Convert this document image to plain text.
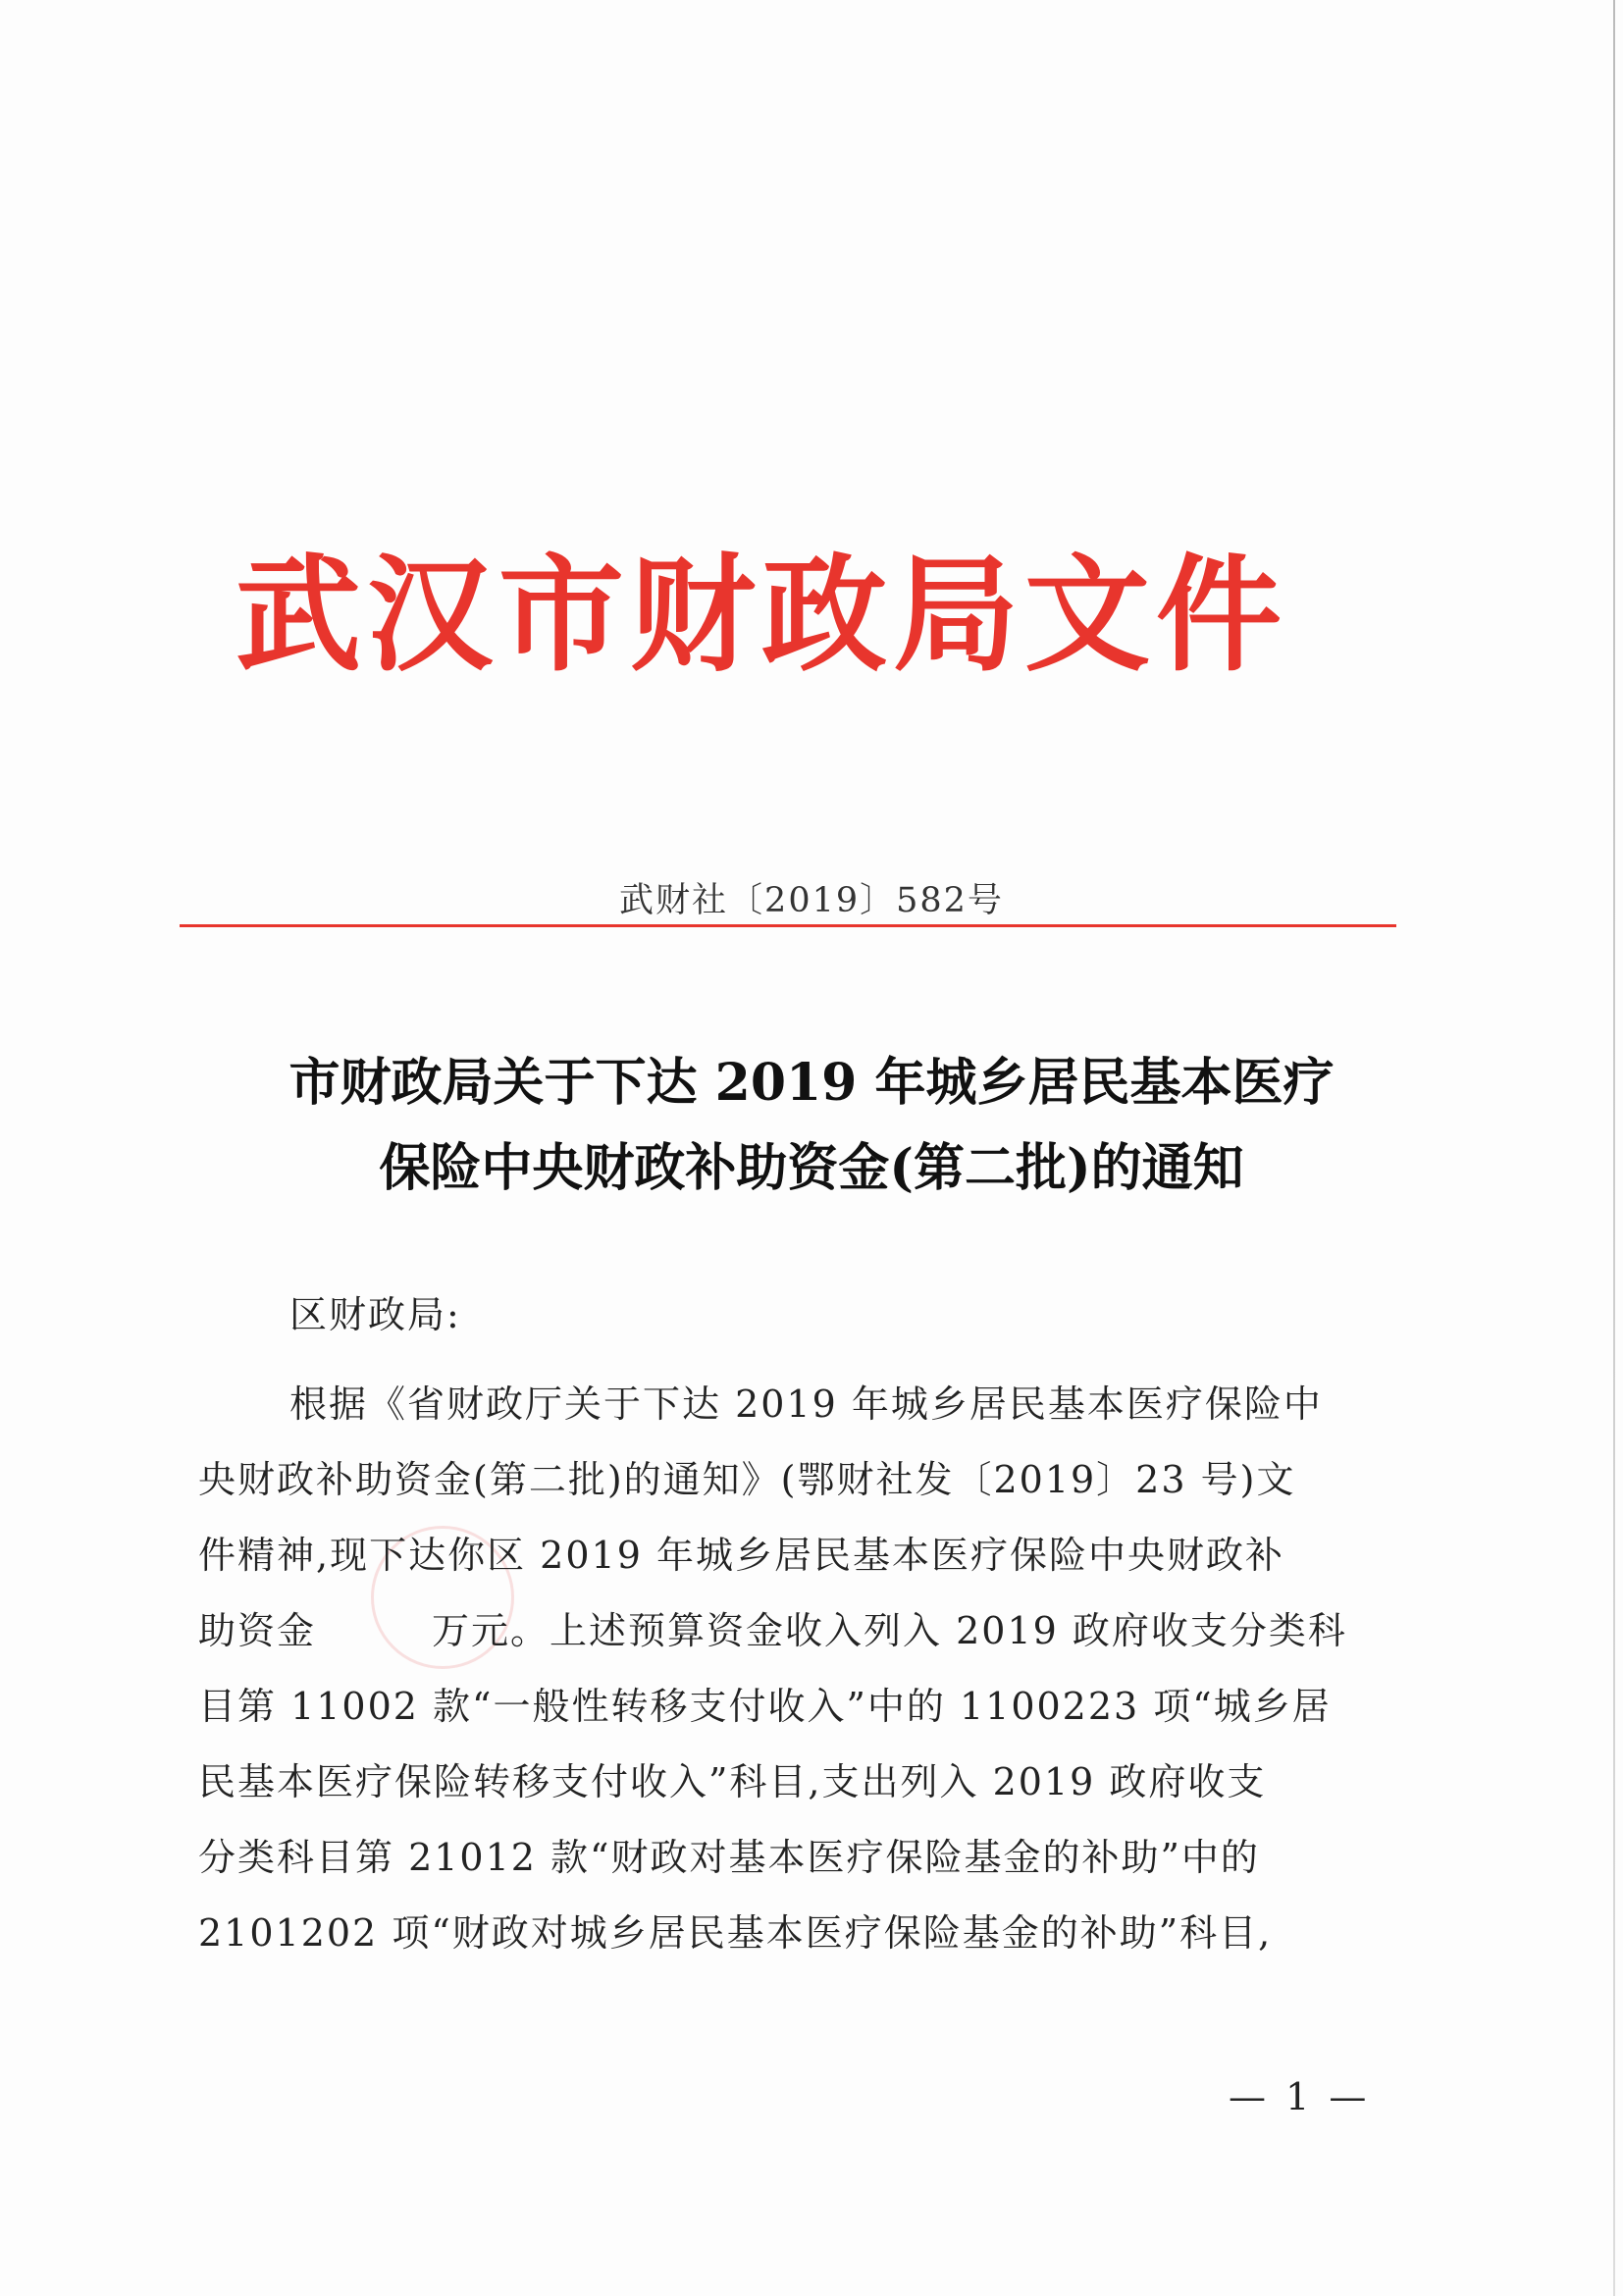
武汉市财政局文件
武财社〔2019〕582号
市财政局关于下达 2019 年城乡居民基本医疗
保险中央财政补助资金(第二批)的通知
区财政局:
根据《省财政厅关于下达 2019 年城乡居民基本医疗保险中
央财政补助资金(第二批)的通知》(鄂财社发〔2019〕23 号)文
件精神,现下达你区 2019 年城乡居民基本医疗保险中央财政补
助资金	万元。上述预算资金收入列入 2019 政府收支分类科
目第 11002 款“一般性转移支付收入”中的 1100223 项“城乡居
民基本医疗保险转移支付收入”科目,支出列入 2019 政府收支
分类科目第 21012 款“财政对基本医疗保险基金的补助”中的
2101202 项“财政对城乡居民基本医疗保险基金的补助”科目,
— 1 —
